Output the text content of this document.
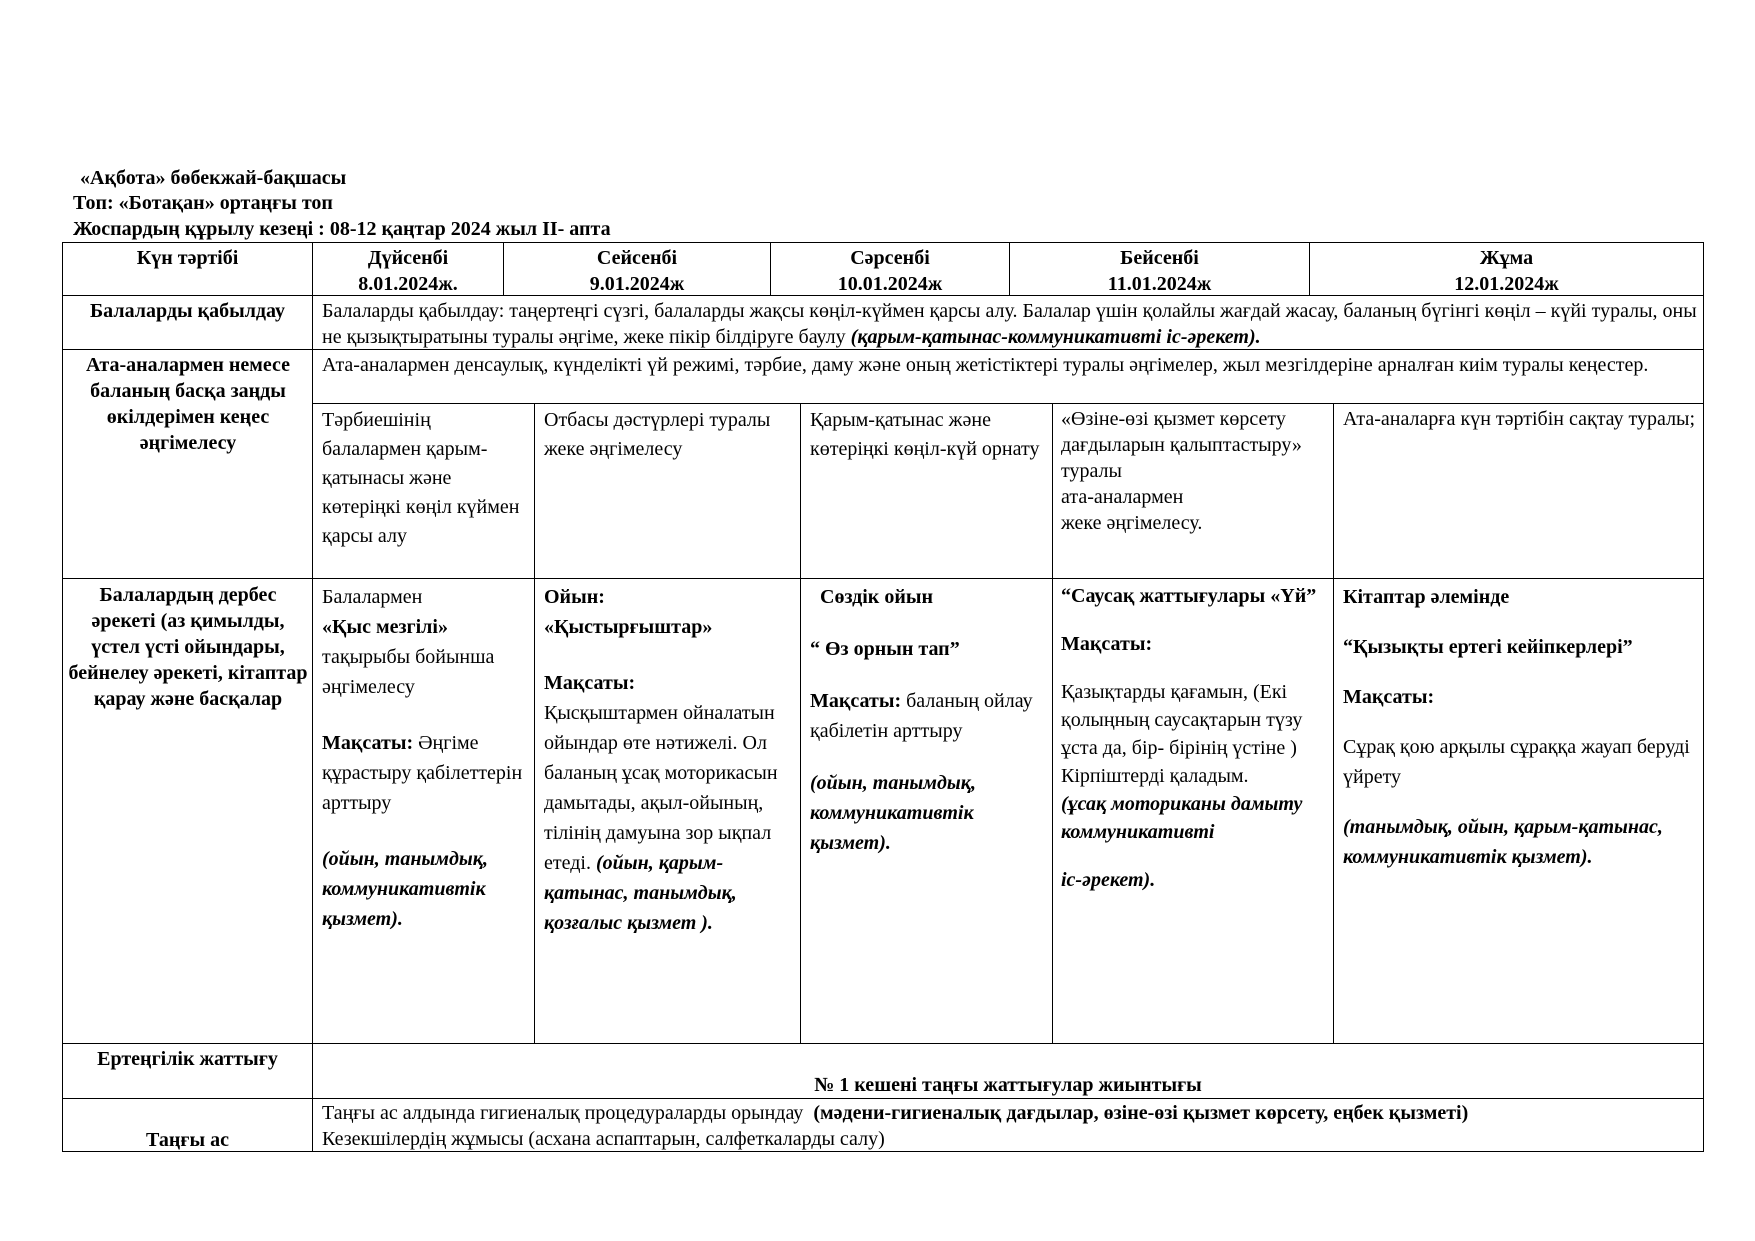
«Ақбота» бөбекжай-бақшасы
Топ: «Ботақан» ортаңғы топ
Жоспардың құрылу кезеңі : 08-12 қаңтар 2024 жыл ІІ- апта
Күн тәртібі	Дүйсенбі

8.01.2024ж.

Сейсенбі

9.01.2024ж

Сәрсенбі

10.01.2024ж

Бейсенбі

11.01.2024ж

Жұма

12.01.2024ж

Балаларды қабылдау	Балаларды қабылдау: таңертеңгі сүзгі, балаларды жақсы көңіл-күймен қарсы алу. Балалар үшін қолайлы жағдай жасау, баланың бүгінгі көңіл – күйі туралы, оны не қызықтыратыны туралы әңгіме, жеке пікір білдіруге баулу (қарым-қатынас-коммуникативті іс-әрекет).
Ата-аналармен немесе баланың басқа заңды өкілдерімен кеңес әңгімелесу
Ата-аналармен денсаулық, күнделікті үй режимі, тәрбие, даму және оның жетістіктері туралы әңгімелер, жыл мезгілдеріне арналған киім туралы кеңестер.
Тәрбиешінің балалармен қарым-қатынасы және көтеріңкі көңіл күймен қарсы алу
Отбасы дәстүрлері туралы жеке әңгімелесу
Қарым-қатынас және көтеріңкі көңіл-күй орнату

«Өзіне-өзі қызмет көрсету дағдыларын қалыптастыру» туралы

ата-аналармен

жеке әңгімелесу.

Ата-аналарға күн тәртібін сақтау туралы;
Балалардың дербес әрекеті (аз қимылды, үстел үсті ойындары, бейнелеу әрекеті, кітаптар қарау және басқалар

Балалармен

«Қыс мезгілі»

тақырыбы бойынша әңгімелесу

Мақсаты: Әңгіме құрастыру қабілеттерін арттыру

(ойын, танымдық, коммуникативтік қызмет).

Ойын:

«Қыстырғыштар»

Мақсаты:

Қысқыштармен ойналатын ойындар өте нәтижелі. Ол баланың ұсақ моторикасын дамытады, ақыл-ойының, тілінің дамуына зор ықпал етеді. (ойын, қарым-қатынас, танымдық, қозғалыс қызмет ).

Сөздік ойын

“ Өз орнын тап”

Мақсаты: баланың ойлау қабілетін арттыру

(ойын, танымдық, коммуникативтік қызмет).

“Саусақ жаттығулары «Үй”

Мақсаты:

Қазықтарды қағамын, (Екі қолыңның саусақтарын түзу ұста да, бір- бірінің үстіне ) Кірпіштерді қаладым.

(ұсақ моториканы дамыту коммуникативті

іс-әрекет).

Кітаптар әлемінде

“Қызықты ертегі кейіпкерлері”

Мақсаты:

Сұрақ қою арқылы сұраққа жауап беруді үйрету

(танымдық, ойын, қарым-қатынас, коммуникативтік қызмет).

Ертеңгілік жаттығу
№ 1 кешені таңғы жаттығулар жиынтығы
Таңғы ас

Таңғы ас алдында гигиеналық процедураларды орындау (мәдени-гигиеналық дағдылар, өзіне-өзі қызмет көрсету, еңбек қызметі)

Кезекшілердің жұмысы (асхана аспаптарын, салфеткаларды салу)
